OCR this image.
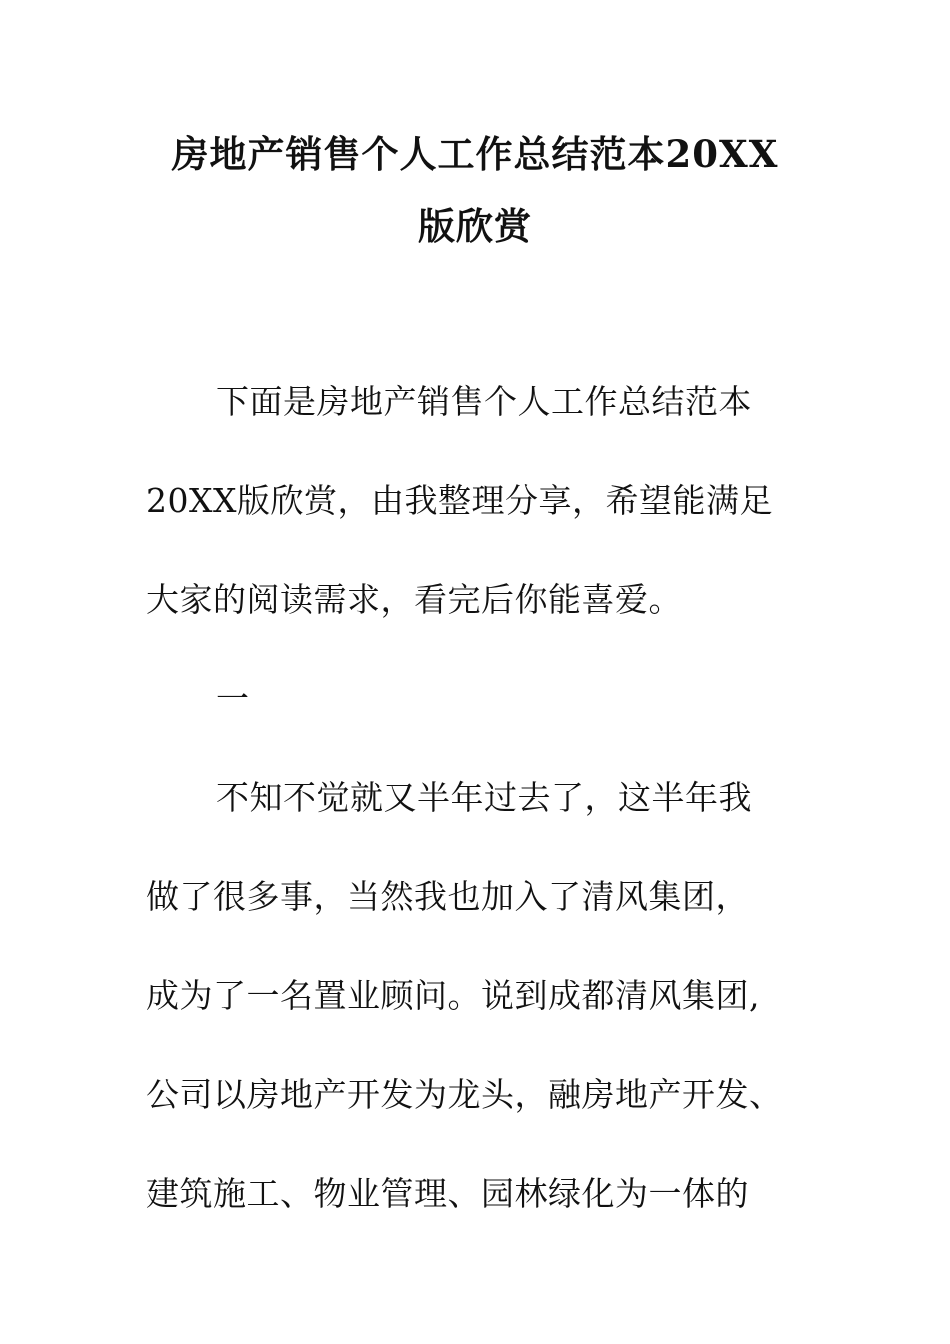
房地产销售个人工作总结范本20XX
版欣赏
下面是房地产销售个人工作总结范本
20XX版欣赏，由我整理分享，希望能满足
大家的阅读需求，看完后你能喜爱。
一
不知不觉就又半年过去了，这半年我
做了很多事，当然我也加入了清风集团，
成为了一名置业顾问。说到成都清风集团,
公司以房地产开发为龙头，融房地产开发、
建筑施工、物业管理、园林绿化为一体的
